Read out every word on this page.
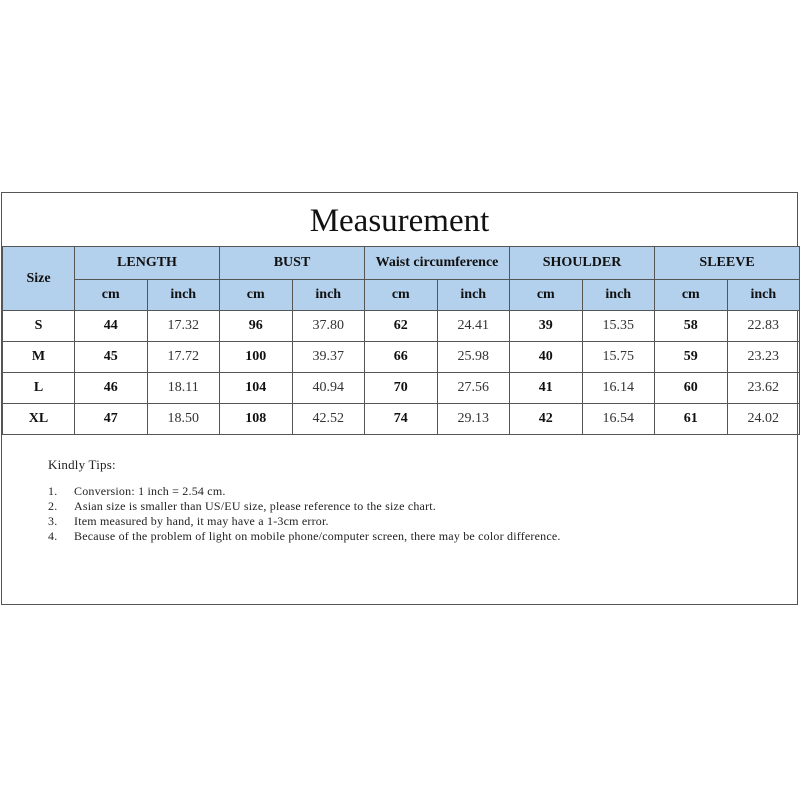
Measurement
Size	LENGTH		BUST		Waist circumference		SHOULDER		SLEEVE	
	cm	inch	cm	inch	cm	inch	cm	inch	cm	inch
S	44	17.32	96	37.80	62	24.41	39	15.35	58	22.83
M	45	17.72	100	39.37	66	25.98	40	15.75	59	23.23
L	46	18.11	104	40.94	70	27.56	41	16.14	60	23.62
XL	47	18.50	108	42.52	74	29.13	42	16.54	61	24.02
Kindly Tips:
1.	Conversion: 1 inch = 2.54 cm.
2.	Asian size is smaller than US/EU size, please reference to the size chart.
3.	Item measured by hand, it may have a 1-3cm error.
4.	Because of the problem of light on mobile phone/computer screen, there may be color difference.
